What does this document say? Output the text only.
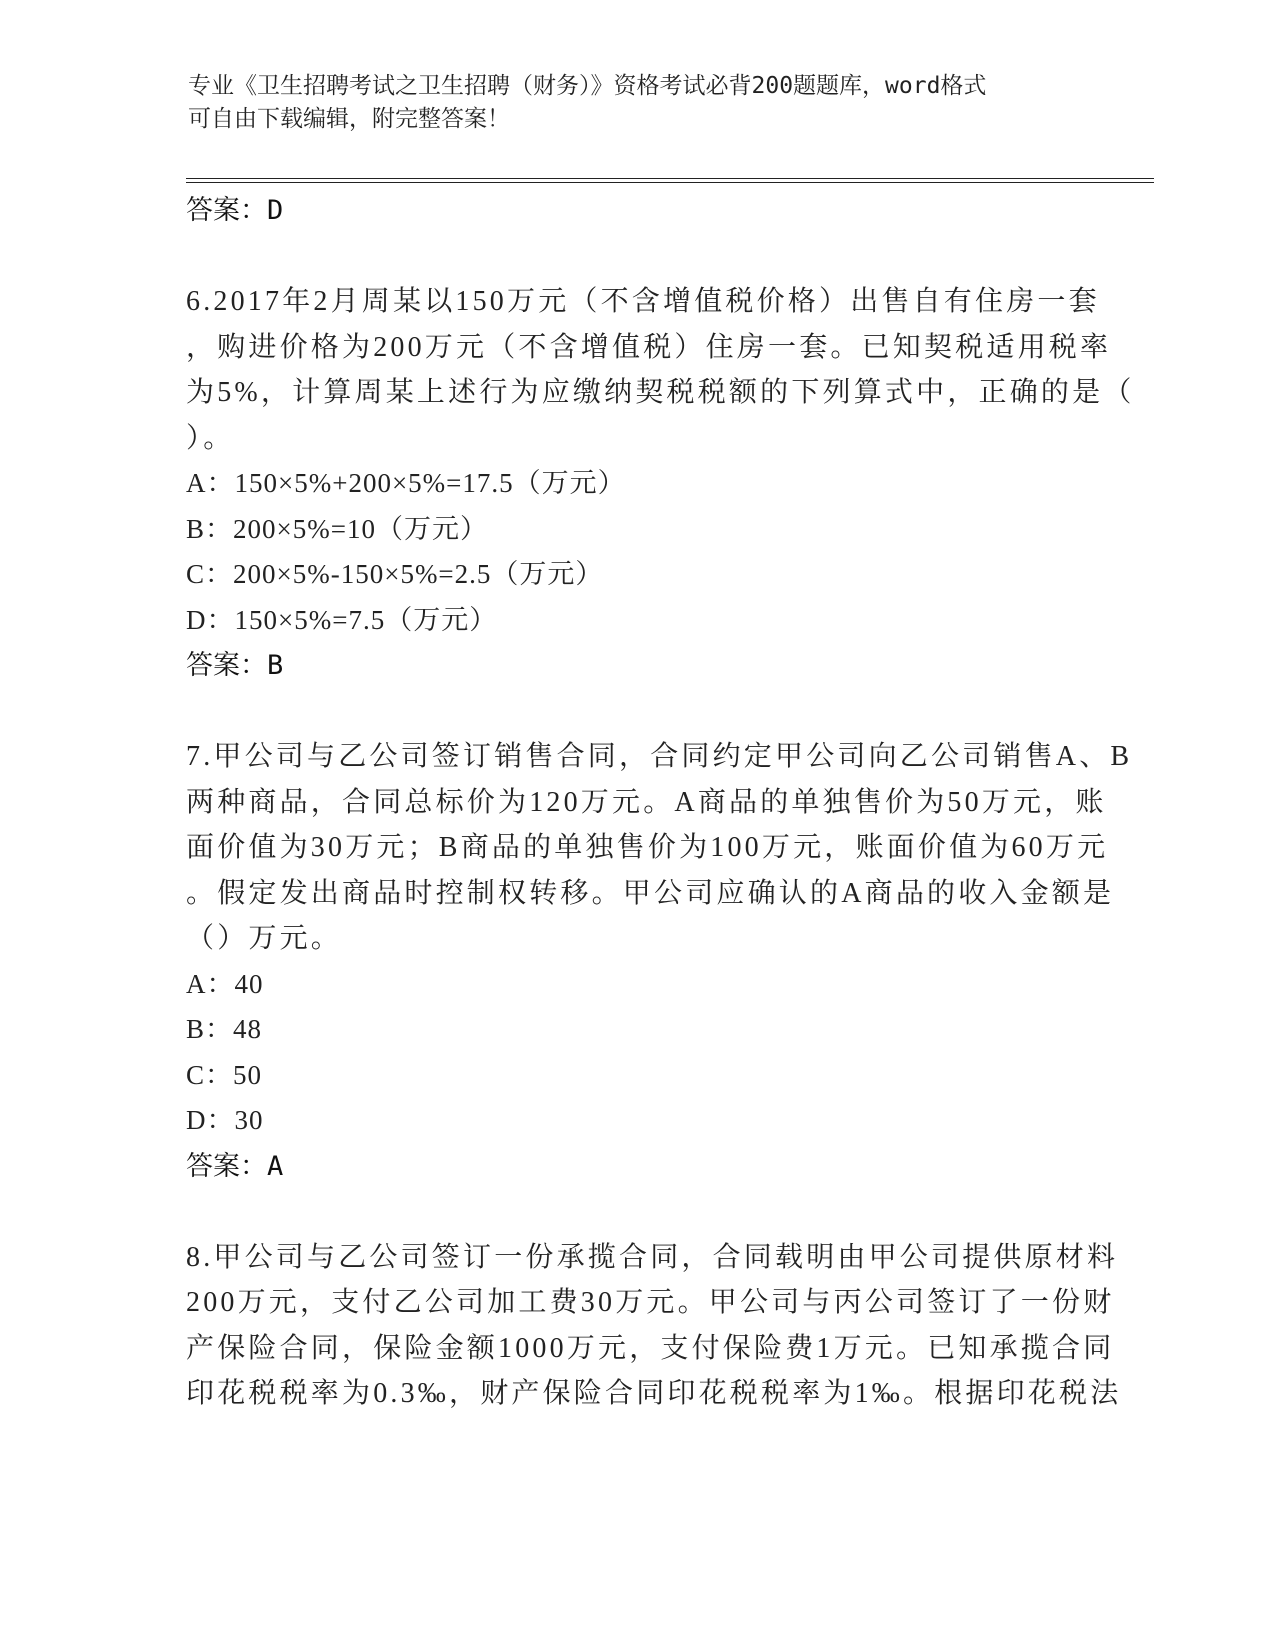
专业《卫生招聘考试之卫生招聘（财务）》资格考试必背200题题库，word格式
可自由下载编辑，附完整答案！
答案：D
6.2017年2月周某以150万元（不含增值税价格）出售自有住房一套
，购进价格为200万元（不含增值税）住房一套。已知契税适用税率
为5%，计算周某上述行为应缴纳契税税额的下列算式中，正确的是（
）。
A：150×5%+200×5%=17.5（万元）
B：200×5%=10（万元）
C：200×5%-150×5%=2.5（万元）
D：150×5%=7.5（万元）
答案：B
7.甲公司与乙公司签订销售合同，合同约定甲公司向乙公司销售A、B
两种商品，合同总标价为120万元。A商品的单独售价为50万元，账
面价值为30万元；B商品的单独售价为100万元，账面价值为60万元
。假定发出商品时控制权转移。甲公司应确认的A商品的收入金额是
（）万元。
A：40
B：48
C：50
D：30
答案：A
8.甲公司与乙公司签订一份承揽合同，合同载明由甲公司提供原材料
200万元，支付乙公司加工费30万元。甲公司与丙公司签订了一份财
产保险合同，保险金额1000万元，支付保险费1万元。已知承揽合同
印花税税率为0.3‰，财产保险合同印花税税率为1‰。根据印花税法
